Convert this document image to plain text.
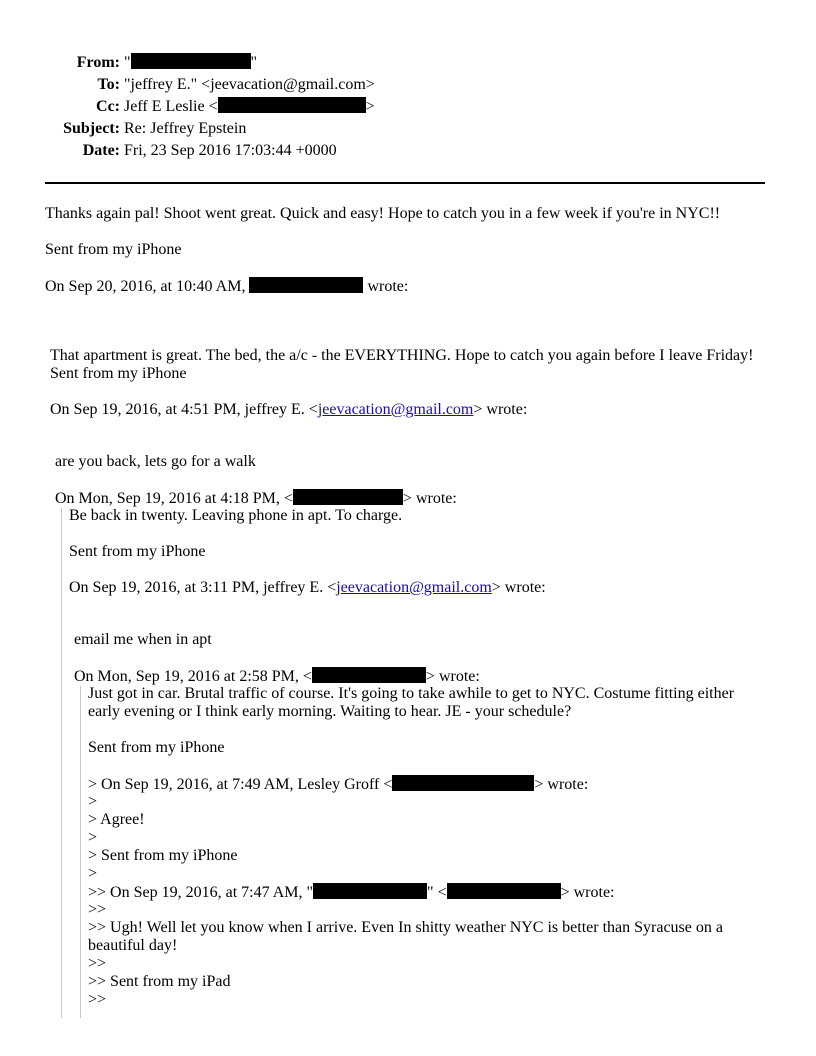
From: "	"
To: "jeffrey E." <jeevacation@gmail.com>
Cc: Jeff E Leslie <	>
Subject: Re: Jeffrey Epstein
Date: Fri, 23 Sep 2016 17:03:44 +0000
Thanks again pal! Shoot went great. Quick and easy! Hope to catch you in a few week if you're in NYC!!
Sent from my iPhone
On Sep 20, 2016, at 10:40 AM,	wrote:
That apartment is great. The bed, the a/c - the EVERYTHING. Hope to catch you again before I leave Friday!
Sent from my iPhone
On Sep 19, 2016, at 4:51 PM, jeffrey E. <jeevacation@gmail.com> wrote:
are you back, lets go for a walk
On Mon, Sep 19, 2016 at 4:18 PM, <	> wrote:
Be back in twenty. Leaving phone in apt. To charge.
Sent from my iPhone
On Sep 19, 2016, at 3:11 PM, jeffrey E. <jeevacation@gmail.com> wrote:
email me when in apt
On Mon, Sep 19, 2016 at 2:58 PM, <	> wrote:
Just got in car. Brutal traffic of course. It's going to take awhile to get to NYC. Costume fitting either early evening or I think early morning. Waiting to hear. JE - your schedule?
Sent from my iPhone
> On Sep 19, 2016, at 7:49 AM, Lesley Groff <	> wrote:
>
> Agree!
>
> Sent from my iPhone
>
>> On Sep 19, 2016, at 7:47 AM, "	" <	> wrote:
>>
>> Ugh! Well let you know when I arrive. Even In shitty weather NYC is better than Syracuse on a beautiful day!
>>
>> Sent from my iPad
>>
